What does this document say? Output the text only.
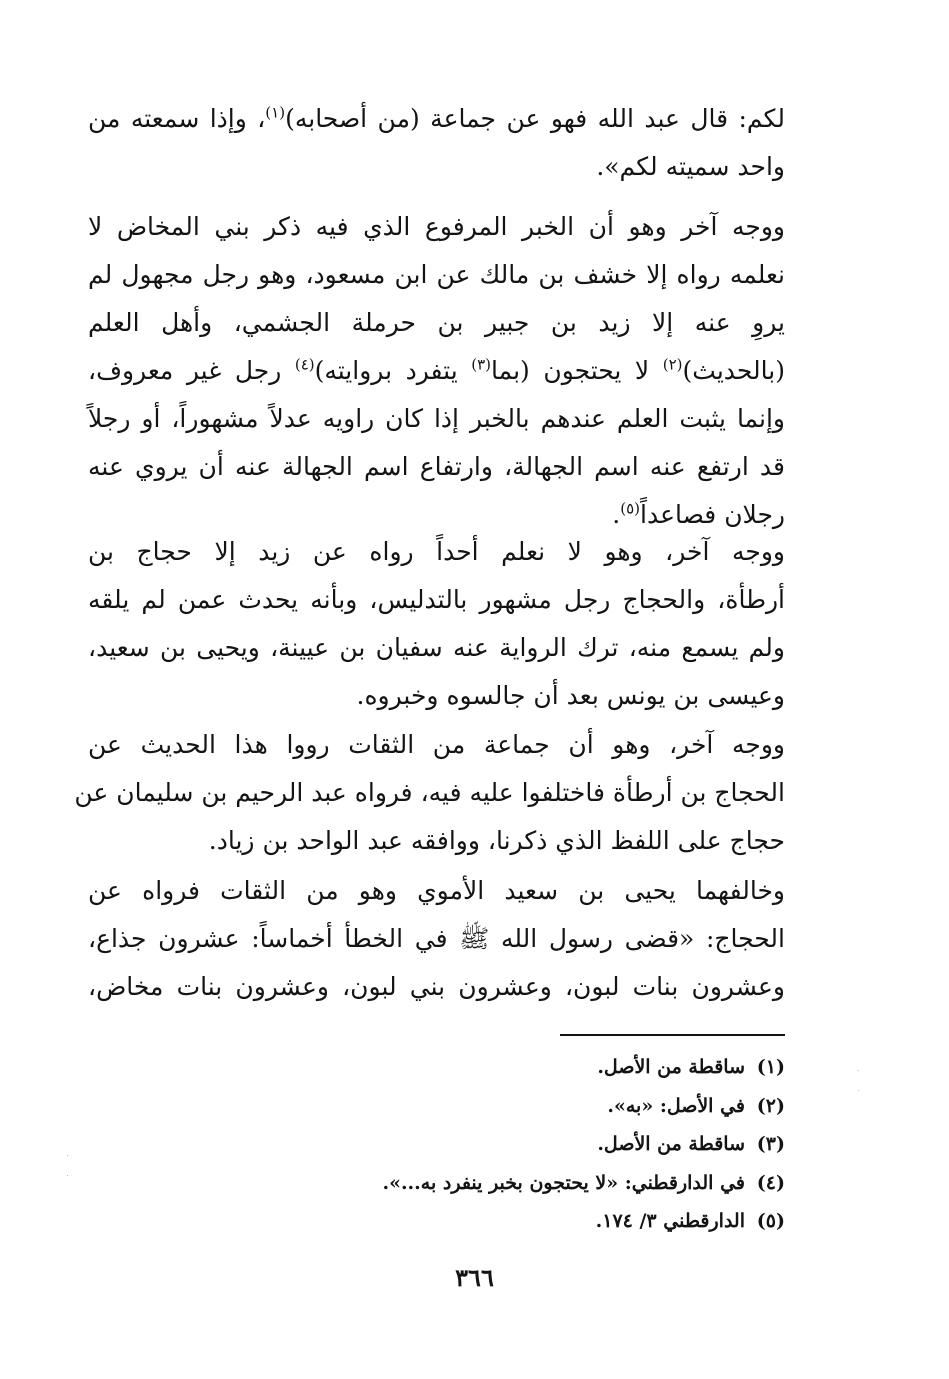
لكم: قال عبد الله فهو عن جماعة (من أصحابه)$^{(١)}$، وإذا سمعته من
واحد سميته لكم».
ووجه آخر وهو أن الخبر المرفوع الذي فيه ذكر بني المخاض لا
نعلمه رواه إلا خشف بن مالك عن ابن مسعود، وهو رجل مجهول لم
يروِ عنه إلا زيد بن جبير بن حرملة الجشمي، وأهل العلم
(بالحديث)$^{(٢)}$ لا يحتجون (بما$^{(٣)}$ يتفرد بروايته)$^{(٤)}$ رجل غير معروف،
وإنما يثبت العلم عندهم بالخبر إذا كان راويه عدلاً مشهوراً، أو رجلاً
قد ارتفع عنه اسم الجهالة، وارتفاع اسم الجهالة عنه أن يروي عنه
رجلان فصاعداً$^{(٥)}$.
ووجه آخر، وهو لا نعلم أحداً رواه عن زيد إلا حجاج بن
أرطأة، والحجاج رجل مشهور بالتدليس، وبأنه يحدث عمن لم يلقه
ولم يسمع منه، ترك الرواية عنه سفيان بن عيينة، ويحيى بن سعيد،
وعيسى بن يونس بعد أن جالسوه وخبروه.
ووجه آخر، وهو أن جماعة من الثقات رووا هذا الحديث عن
الحجاج بن أرطأة فاختلفوا عليه فيه، فرواه عبد الرحيم بن سليمان عن
حجاج على اللفظ الذي ذكرنا، ووافقه عبد الواحد بن زياد.
وخالفهما يحيى بن سعيد الأموي وهو من الثقات فرواه عن
الحجاج: «قضى رسول الله ﷺ في الخطأ أخماساً: عشرون جذاع،
وعشرون بنات لبون، وعشرون بني لبون، وعشرون بنات مخاض،
(١)ساقطة من الأصل.
(٢)في الأصل: «به».
(٣)ساقطة من الأصل.
(٤)في الدارقطني: «لا يحتجون بخبر ينفرد به...».
(٥)الدارقطني ٣/ ١٧٤.
٣٦٦
